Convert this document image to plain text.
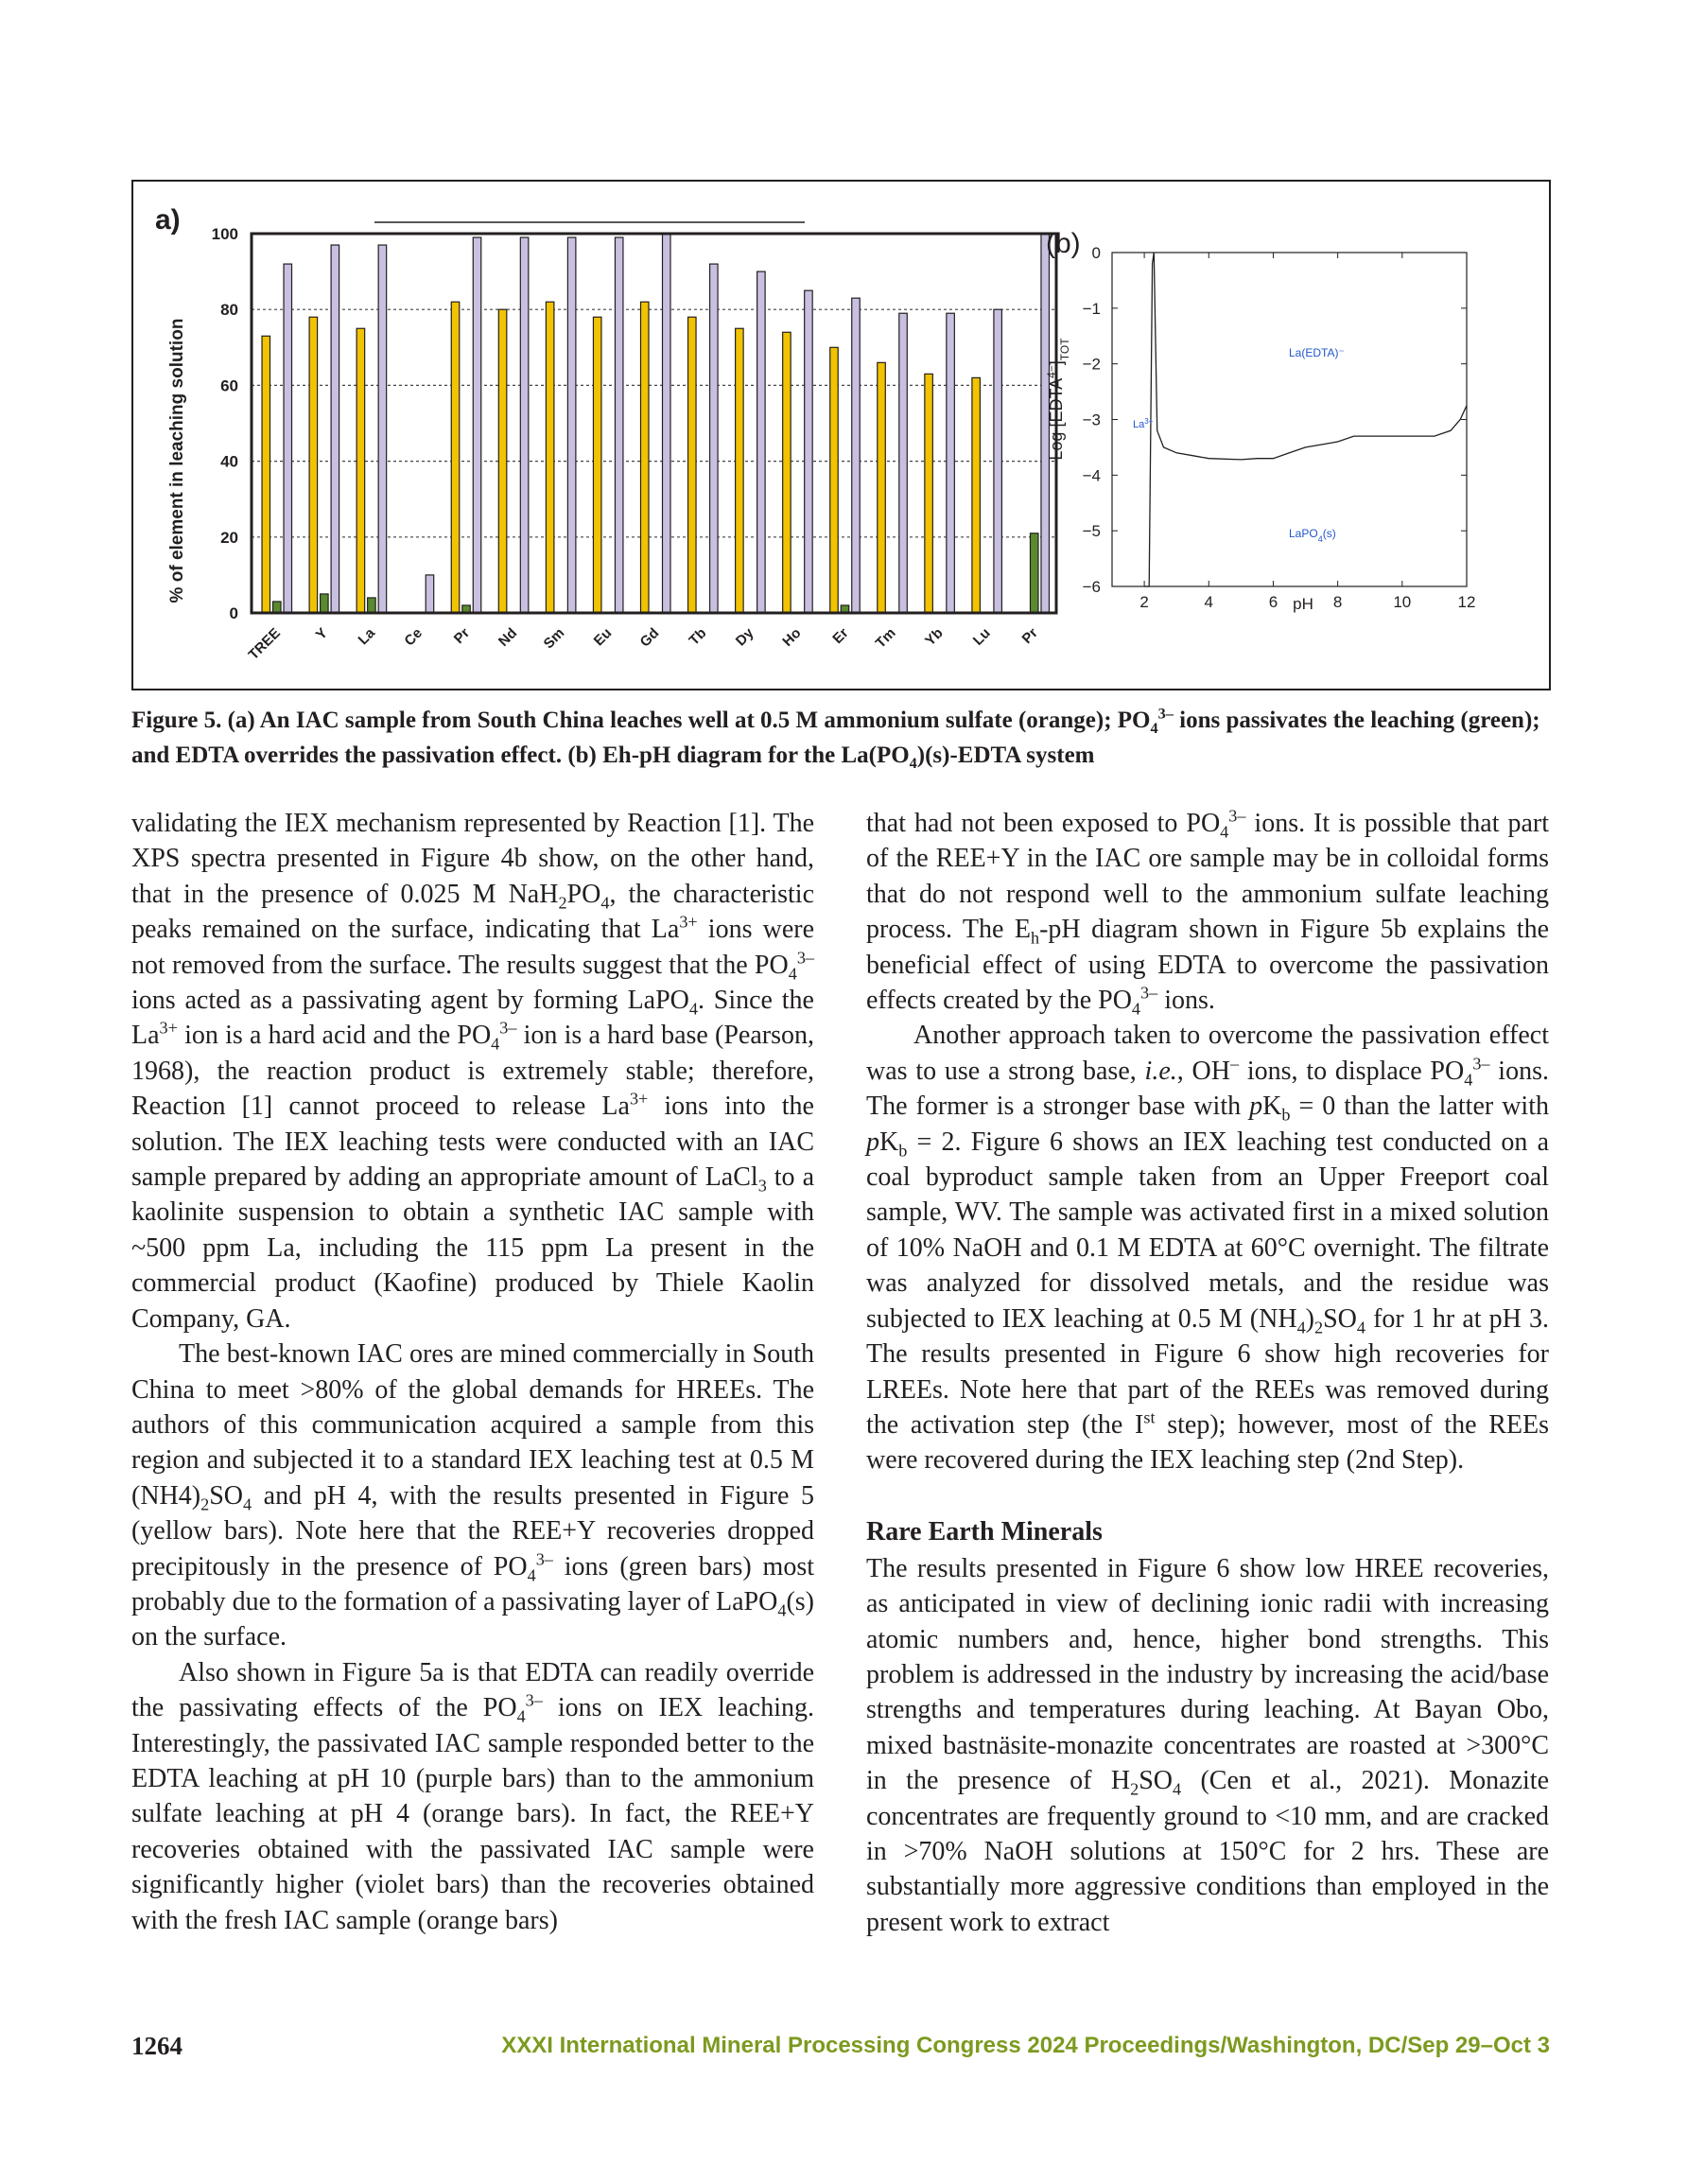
a)
% of element in leaching solution
0
20
40
60
80
100
TREE Y La Ce Pr Nd Sm Eu Gd Tb Dy Ho Er Tm Yb Lu Pr
(b)
Log $[EDTA^{4-}]_{TOT}$
0
−1
−2
−3
−4
−5
−6
2	4	6	8	10	12
pH
$La^{3+}$
La(EDTA)⁻
LaPO$_4$(s)
Figure 5. (a) An IAC sample from South China leaches well at 0.5 M ammonium sulfate (orange); $PO_4^{3-}$ ions passivates the leaching (green); and EDTA overrides the passivation effect. (b) Eh-pH diagram for the $La(PO_4)(s)$-EDTA system

validating the IEX mechanism represented by Reaction [1]. The XPS spectra presented in Figure 4b show, on the other hand, that in the presence of 0.025 M $NaH_2PO_4$, the characteristic peaks remained on the surface, indicating that $La^{3+}$ ions were not removed from the surface. The results suggest that the $PO_4^{3-}$ ions acted as a passivating agent by forming LaPO$_4$. Since the $La^{3+}$ ion is a hard acid and the $PO_4^{3-}$ ion is a hard base (Pearson, 1968), the reaction product is extremely stable; therefore, Reaction [1] cannot proceed to release $La^{3+}$ ions into the solution. The IEX leaching tests were conducted with an IAC sample prepared by adding an appropriate amount of LaCl$_3$ to a kaolinite suspension to obtain a synthetic IAC sample with ~500 ppm La, including the 115 ppm La present in the commercial product (Kaofine) produced by Thiele Kaolin Company, GA.

The best-known IAC ores are mined commercially in South China to meet >80% of the global demands for HREEs. The authors of this communication acquired a sample from this region and subjected it to a standard IEX leaching test at 0.5 M $(NH4)_2SO_4$ and pH 4, with the results presented in Figure 5 (yellow bars). Note here that the REE+Y recoveries dropped precipitously in the presence of $PO_4^{3-}$ ions (green bars) most probably due to the formation of a passivating layer of LaPO$_4$(s) on the surface.

Also shown in Figure 5a is that EDTA can readily override the passivating effects of the $PO_4^{3-}$ ions on IEX leaching. Interestingly, the passivated IAC sample responded better to the EDTA leaching at pH 10 (purple bars) than to the ammonium sulfate leaching at pH 4 (orange bars). In fact, the REE+Y recoveries obtained with the passivated IAC sample were significantly higher (violet bars) than the recoveries obtained with the fresh IAC sample (orange bars)

that had not been exposed to $PO_4^{3-}$ ions. It is possible that part of the REE+Y in the IAC ore sample may be in colloidal forms that do not respond well to the ammonium sulfate leaching process. The $E_h-pH$ diagram shown in Figure 5b explains the beneficial effect of using EDTA to overcome the passivation effects created by the $PO_4^{3-}$ ions.

Another approach taken to overcome the passivation effect was to use a strong base, i.e., OH– ions, to displace $PO_4^{3-}$ ions. The former is a stronger base with $pK_b = 0$ than the latter with $pK_b = 2$. Figure 6 shows an IEX leaching test conducted on a coal byproduct sample taken from an Upper Freeport coal sample, WV. The sample was activated first in a mixed solution of 10% NaOH and 0.1 M EDTA at 60°C overnight. The filtrate was analyzed for dissolved metals, and the residue was subjected to IEX leaching at 0.5 M $(NH_4)_2SO_4$ for 1 hr at pH 3. The results presented in Figure 6 show high recoveries for LREEs. Note here that part of the REEs was removed during the activation step (the Ist step); however, most of the REEs were recovered during the IEX leaching step (2nd Step).

Rare Earth Minerals

The results presented in Figure 6 show low HREE recoveries, as anticipated in view of declining ionic radii with increasing atomic numbers and, hence, higher bond strengths. This problem is addressed in the industry by increasing the acid/base strengths and temperatures during leaching. At Bayan Obo, mixed bastnäsite-monazite concentrates are roasted at >300°C in the presence of $H_2SO_4$ (Cen et al., 2021). Monazite concentrates are frequently ground to <10 mm, and are cracked in >70% NaOH solutions at 150°C for 2 hrs. These are substantially more aggressive conditions than employed in the present work to extract

1264	XXXI International Mineral Processing Congress 2024 Proceedings/Washington, DC/Sep 29–Oct 3
